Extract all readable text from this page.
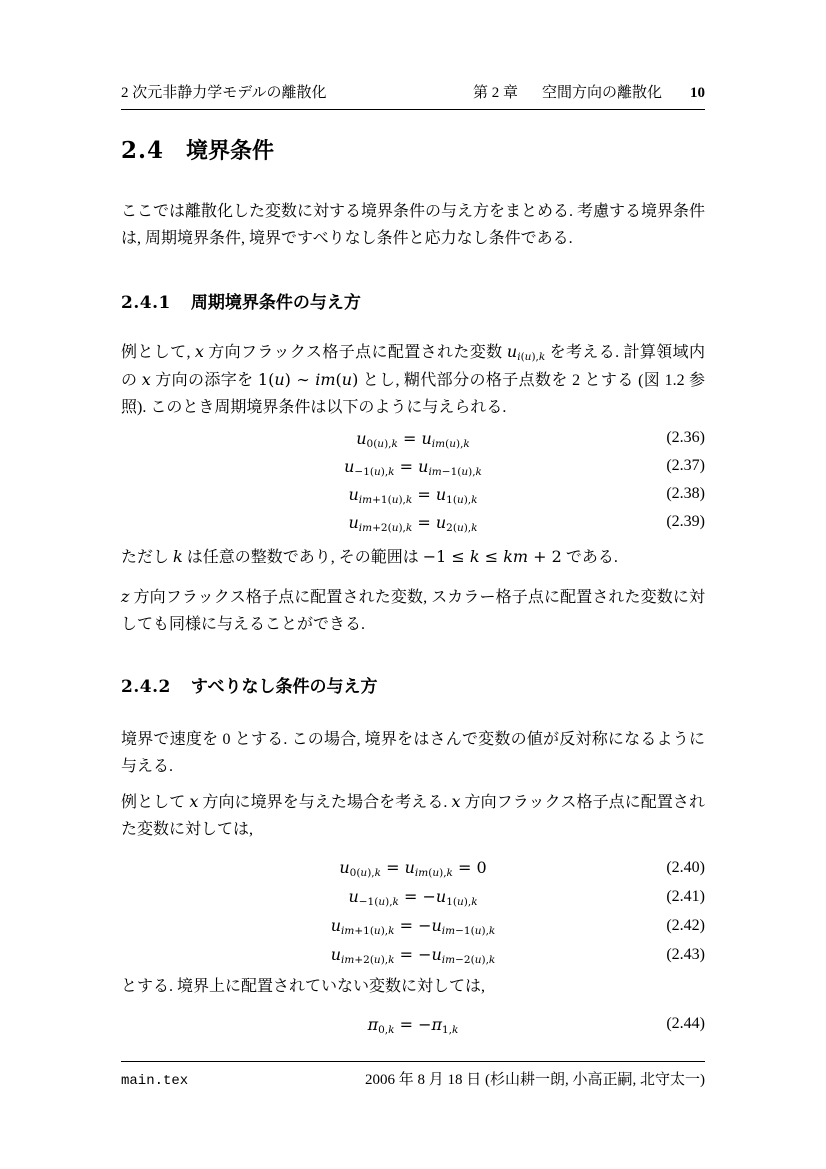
2 次元非静力学モデルの離散化	第 2 章 空間方向の離散化 10
2.4 境界条件
ここでは離散化した変数に対する境界条件の与え方をまとめる. 考慮する境界条件は, 周期境界条件, 境界ですべりなし条件と応力なし条件である.
2.4.1 周期境界条件の与え方
例として, x 方向フラックス格子点に配置された変数 $u_{i(u),k}$ を考える. 計算領域内の x 方向の添字を 1(u) ∼ im(u) とし, 糊代部分の格子点数を 2 とする (図 1.2 参照). このとき周期境界条件は以下のように与えられる.
$u_{0(u),k} = u_{im(u),k}$	(2.36)
$u_{-1(u),k} = u_{im-1(u),k}$	(2.37)
$u_{im+1(u),k} = u_{1(u),k}$	(2.38)
$u_{im+2(u),k} = u_{2(u),k}$	(2.39)
ただし k は任意の整数であり, その範囲は −1 ≤ k ≤ km + 2 である.
z 方向フラックス格子点に配置された変数, スカラー格子点に配置された変数に対しても同様に与えることができる.
2.4.2 すべりなし条件の与え方
境界で速度を 0 とする. この場合, 境界をはさんで変数の値が反対称になるように与える.
例として x 方向に境界を与えた場合を考える. x 方向フラックス格子点に配置された変数に対しては,
$u_{0(u),k} = u_{im(u),k} = 0$	(2.40)
$u_{-1(u),k} = -u_{1(u),k}$	(2.41)
$u_{im+1(u),k} = -u_{im-1(u),k}$	(2.42)
$u_{im+2(u),k} = -u_{im-2(u),k}$	(2.43)
とする. 境界上に配置されていない変数に対しては,
$\pi_{0,k} = -\pi_{1,k}$	(2.44)
main.tex	2006 年 8 月 18 日 (杉山耕一朗, 小高正嗣, 北守太一)
